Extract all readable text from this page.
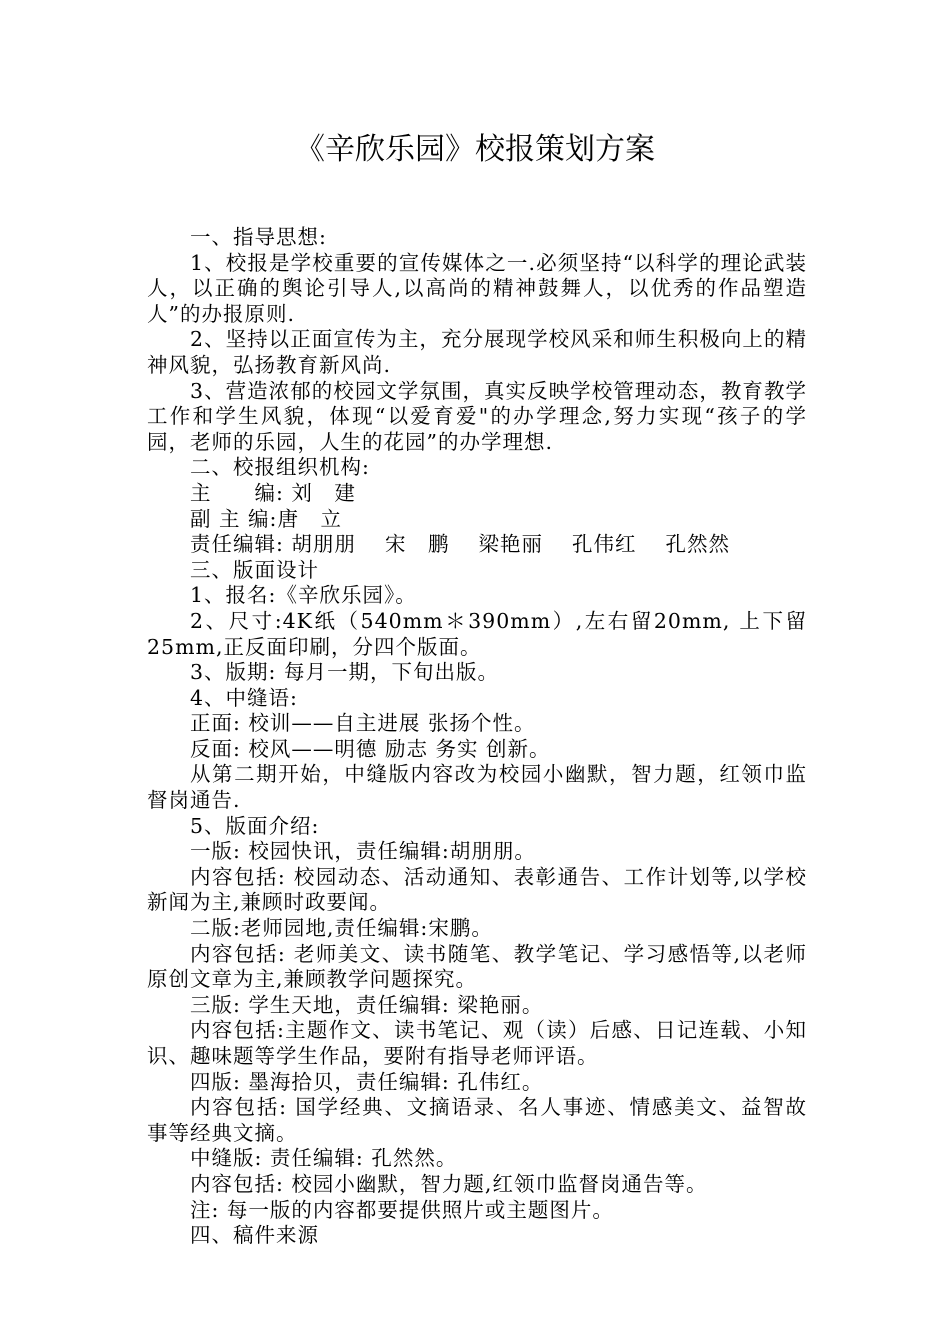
《辛欣乐园》校报策划方案

一、指导思想:

1、校报是学校重要的宣传媒体之一.必须坚持“以科学的理论武装人，以正确的舆论引导人,以高尚的精神鼓舞人，以优秀的作品塑造人”的办报原则.

2、坚持以正面宣传为主，充分展现学校风采和师生积极向上的精神风貌，弘扬教育新风尚.

3、营造浓郁的校园文学氛围，真实反映学校管理动态，教育教学工作和学生风貌，体现“以爱育爱"的办学理念,努力实现“孩子的学园，老师的乐园，人生的花园”的办学理想.

二、校报组织机构:

主　　编: 刘　建

副 主 编:唐　立

责任编辑: 胡朋朋　 宋　鹏　 梁艳丽　 孔伟红　 孔然然

三、版面设计

1、报名:《辛欣乐园》。

2、尺寸:4K纸（540mm＊390mm）,左右留20mm, 上下留25mm,正反面印刷，分四个版面。

3、版期: 每月一期，下旬出版。

4、中缝语:

正面: 校训——自主进展 张扬个性。

反面: 校风——明德 励志 务实 创新。

从第二期开始，中缝版内容改为校园小幽默，智力题，红领巾监督岗通告.

5、版面介绍:

一版: 校园快讯，责任编辑:胡朋朋。

内容包括: 校园动态、活动通知、表彰通告、工作计划等,以学校新闻为主,兼顾时政要闻。

二版:老师园地,责任编辑:宋鹏。

内容包括: 老师美文、读书随笔、教学笔记、学习感悟等,以老师原创文章为主,兼顾教学问题探究。

三版: 学生天地，责任编辑: 梁艳丽。

内容包括:主题作文、读书笔记、观（读）后感、日记连载、小知识、趣味题等学生作品，要附有指导老师评语。

四版: 墨海拾贝，责任编辑: 孔伟红。

内容包括: 国学经典、文摘语录、名人事迹、情感美文、益智故事等经典文摘。

中缝版: 责任编辑: 孔然然。

内容包括: 校园小幽默，智力题,红领巾监督岗通告等。

注: 每一版的内容都要提供照片或主题图片。

四、稿件来源
